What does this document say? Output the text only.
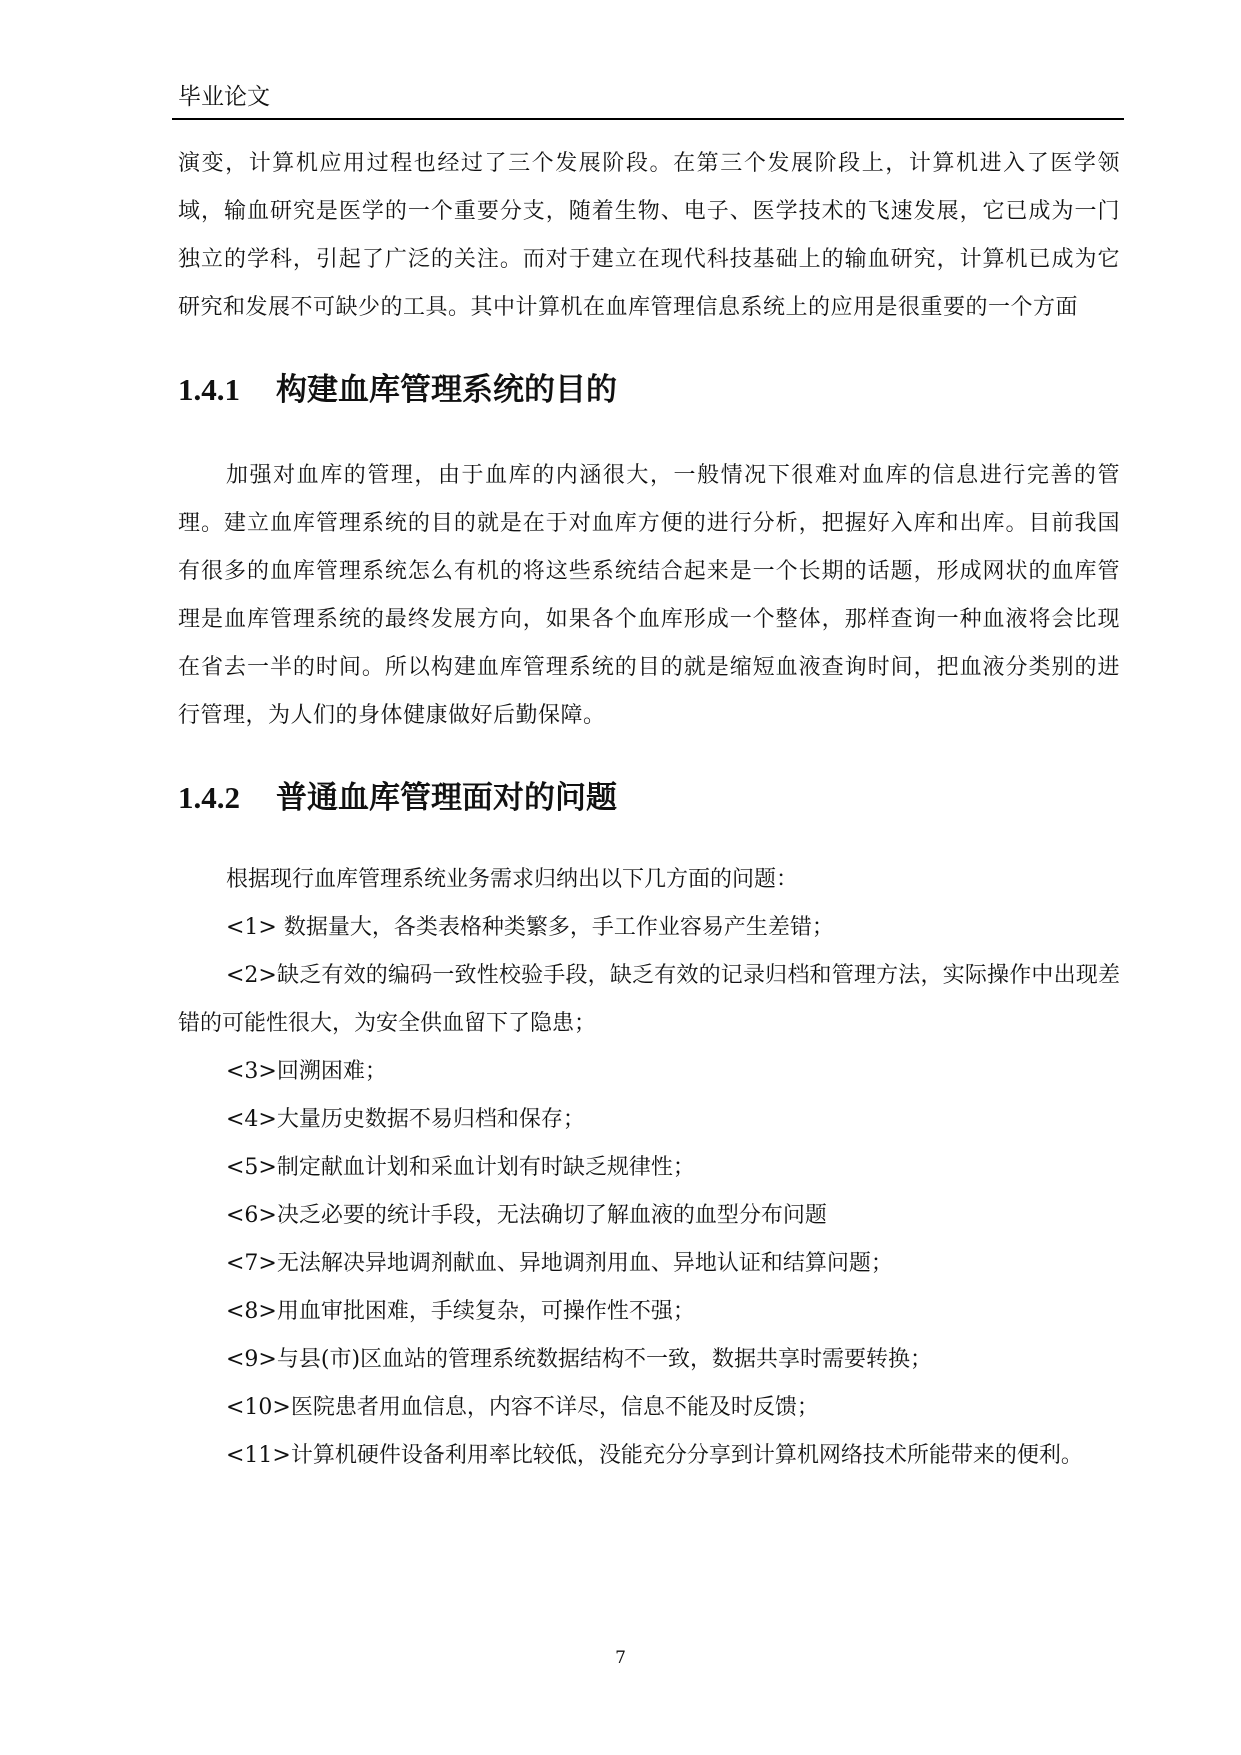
毕业论文

演变，计算机应用过程也经过了三个发展阶段。在第三个发展阶段上，计算机进入了医学领域，输血研究是医学的一个重要分支，随着生物、电子、医学技术的飞速发展，它已成为一门独立的学科，引起了广泛的关注。而对于建立在现代科技基础上的输血研究，计算机已成为它研究和发展不可缺少的工具。其中计算机在血库管理信息系统上的应用是很重要的一个方面

1.4.1 构建血库管理系统的目的

加强对血库的管理，由于血库的内涵很大，一般情况下很难对血库的信息进行完善的管理。建立血库管理系统的目的就是在于对血库方便的进行分析，把握好入库和出库。目前我国有很多的血库管理系统怎么有机的将这些系统结合起来是一个长期的话题，形成网状的血库管理是血库管理系统的最终发展方向，如果各个血库形成一个整体，那样查询一种血液将会比现在省去一半的时间。所以构建血库管理系统的目的就是缩短血液查询时间，把血液分类别的进行管理，为人们的身体健康做好后勤保障。

1.4.2 普通血库管理面对的问题

根据现行血库管理系统业务需求归纳出以下几方面的问题：

<1> 数据量大，各类表格种类繁多，手工作业容易产生差错；

<2>缺乏有效的编码一致性校验手段，缺乏有效的记录归档和管理方法，实际操作中出现差错的可能性很大，为安全供血留下了隐患；

<3>回溯困难；

<4>大量历史数据不易归档和保存；

<5>制定献血计划和采血计划有时缺乏规律性；

<6>决乏必要的统计手段，无法确切了解血液的血型分布问题

<7>无法解决异地调剂献血、异地调剂用血、异地认证和结算问题；

<8>用血审批困难，手续复杂，可操作性不强；

<9>与县(市)区血站的管理系统数据结构不一致，数据共享时需要转换；

<10>医院患者用血信息，内容不详尽，信息不能及时反馈；

<11>计算机硬件设备利用率比较低，没能充分分享到计算机网络技术所能带来的便利。

7
